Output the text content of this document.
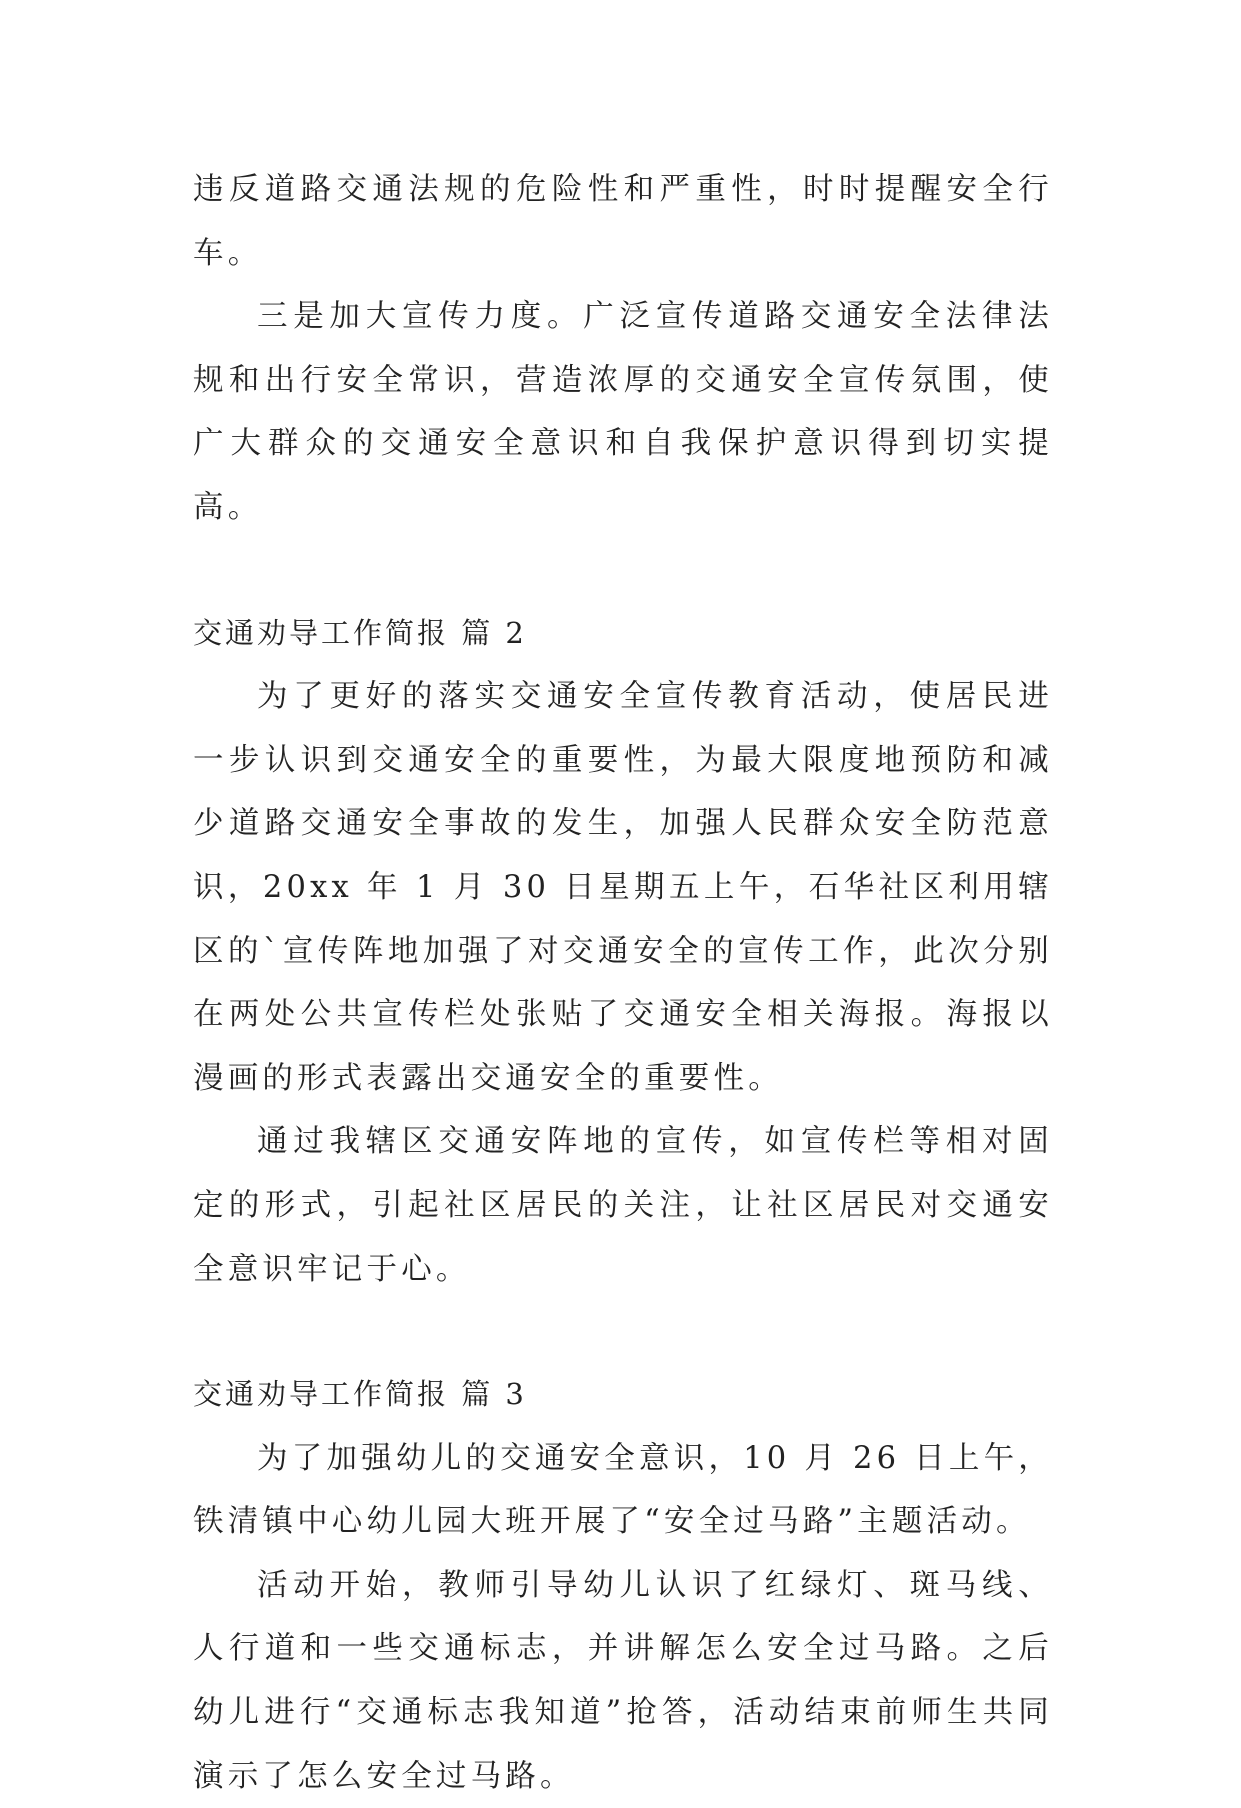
违反道路交通法规的危险性和严重性，时时提醒安全行车。

三是加大宣传力度。广泛宣传道路交通安全法律法规和出行安全常识，营造浓厚的交通安全宣传氛围，使广大群众的交通安全意识和自我保护意识得到切实提高。

交通劝导工作简报 篇 2

为了更好的落实交通安全宣传教育活动，使居民进一步认识到交通安全的重要性，为最大限度地预防和减少道路交通安全事故的发生，加强人民群众安全防范意识，20xx 年 1 月 30 日星期五上午，石华社区利用辖区的`宣传阵地加强了对交通安全的宣传工作，此次分别在两处公共宣传栏处张贴了交通安全相关海报。海报以漫画的形式表露出交通安全的重要性。

通过我辖区交通安阵地的宣传，如宣传栏等相对固定的形式，引起社区居民的关注，让社区居民对交通安全意识牢记于心。

交通劝导工作简报 篇 3

为了加强幼儿的交通安全意识，10 月 26 日上午，铁清镇中心幼儿园大班开展了“安全过马路”主题活动。

活动开始，教师引导幼儿认识了红绿灯、斑马线、人行道和一些交通标志，并讲解怎么安全过马路。之后幼儿进行“交通标志我知道”抢答，活动结束前师生共同演示了怎么安全过马路。
